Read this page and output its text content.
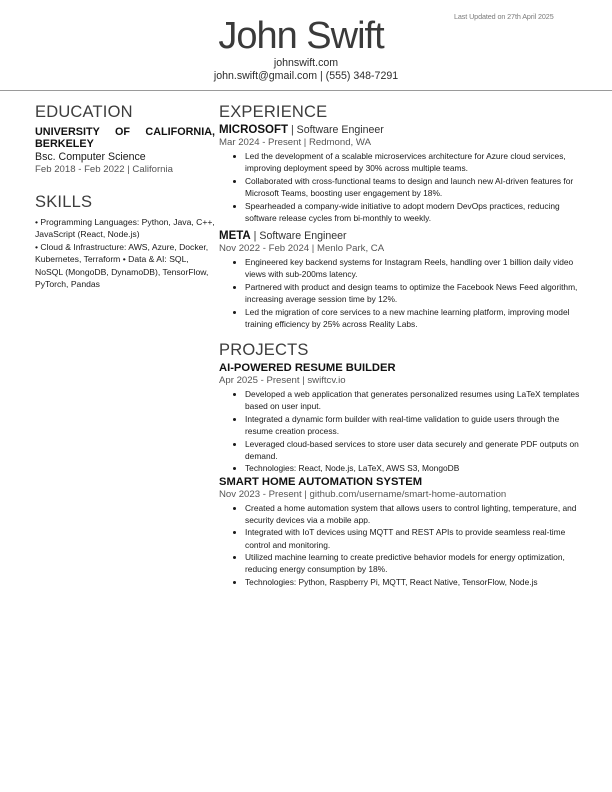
Last Updated on 27th April 2025
John Swift
johnswift.com
john.swift@gmail.com | (555) 348-7291
EDUCATION
UNIVERSITY OF CALIFORNIA, BERKELEY
Bsc. Computer Science
Feb 2018 - Feb 2022 | California
SKILLS
• Programming Languages: Python, Java, C++, JavaScript (React, Node.js)
• Cloud & Infrastructure: AWS, Azure, Docker, Kubernetes, Terraform • Data & AI: SQL, NoSQL (MongoDB, DynamoDB), TensorFlow, PyTorch, Pandas
EXPERIENCE
MICROSOFT | Software Engineer
Mar 2024 - Present | Redmond, WA
• Led the development of a scalable microservices architecture for Azure cloud services, improving deployment speed by 30% across multiple teams.
• Collaborated with cross-functional teams to design and launch new AI-driven features for Microsoft Teams, boosting user engagement by 18%.
• Spearheaded a company-wide initiative to adopt modern DevOps practices, reducing software release cycles from bi-monthly to weekly.
META | Software Engineer
Nov 2022 - Feb 2024 | Menlo Park, CA
• Engineered key backend systems for Instagram Reels, handling over 1 billion daily video views with sub-200ms latency.
• Partnered with product and design teams to optimize the Facebook News Feed algorithm, increasing average session time by 12%.
• Led the migration of core services to a new machine learning platform, improving model training efficiency by 25% across Reality Labs.
PROJECTS
AI-POWERED RESUME BUILDER
Apr 2025 - Present | swiftcv.io
• Developed a web application that generates personalized resumes using LaTeX templates based on user input.
• Integrated a dynamic form builder with real-time validation to guide users through the resume creation process.
• Leveraged cloud-based services to store user data securely and generate PDF outputs on demand.
• Technologies: React, Node.js, LaTeX, AWS S3, MongoDB
SMART HOME AUTOMATION SYSTEM
Nov 2023 - Present | github.com/username/smart-home-automation
• Created a home automation system that allows users to control lighting, temperature, and security devices via a mobile app.
• Integrated with IoT devices using MQTT and REST APIs to provide seamless real-time control and monitoring.
• Utilized machine learning to create predictive behavior models for energy optimization, reducing energy consumption by 18%.
• Technologies: Python, Raspberry Pi, MQTT, React Native, TensorFlow, Node.js
